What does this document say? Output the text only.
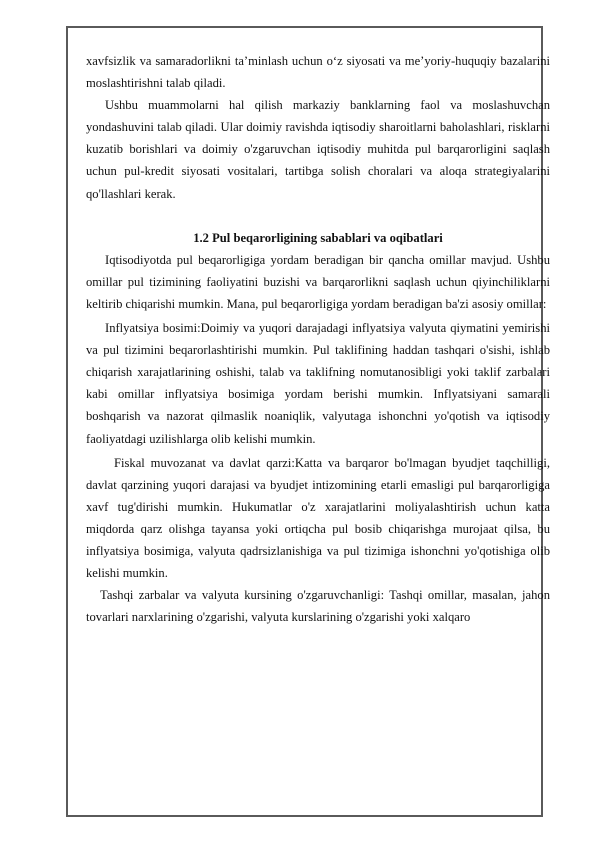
xavfsizlik va samaradorlikni ta’minlash uchun o‘z siyosati va me’yoriy-huquqiy bazalarini moslashtirishni talab qiladi.

Ushbu muammolarni hal qilish markaziy banklarning faol va moslashuvchan yondashuvini talab qiladi. Ular doimiy ravishda iqtisodiy sharoitlarni baholashlari, risklarni kuzatib borishlari va doimiy o'zgaruvchan iqtisodiy muhitda pul barqarorligini saqlash uchun pul-kredit siyosati vositalari, tartibga solish choralari va aloqa strategiyalarini qo'llashlari kerak.

1.2 Pul beqarorligining sabablari va oqibatlari

Iqtisodiyotda pul beqarorligiga yordam beradigan bir qancha omillar mavjud. Ushbu omillar pul tizimining faoliyatini buzishi va barqarorlikni saqlash uchun qiyinchiliklarni keltirib chiqarishi mumkin. Mana, pul beqarorligiga yordam beradigan ba'zi asosiy omillar:

Inflyatsiya bosimi:Doimiy va yuqori darajadagi inflyatsiya valyuta qiymatini yemirishi va pul tizimini beqarorlashtirishi mumkin. Pul taklifining haddan tashqari o'sishi, ishlab chiqarish xarajatlarining oshishi, talab va taklifning nomutanosibligi yoki taklif zarbalari kabi omillar inflyatsiya bosimiga yordam berishi mumkin. Inflyatsiyani samarali boshqarish va nazorat qilmaslik noaniqlik, valyutaga ishonchni yo'qotish va iqtisodiy faoliyatdagi uzilishlarga olib kelishi mumkin.

Fiskal muvozanat va davlat qarzi:Katta va barqaror bo'lmagan byudjet taqchilligi, davlat qarzining yuqori darajasi va byudjet intizomining etarli emasligi pul barqarorligiga xavf tug'dirishi mumkin. Hukumatlar o'z xarajatlarini moliyalashtirish uchun katta miqdorda qarz olishga tayansa yoki ortiqcha pul bosib chiqarishga murojaat qilsa, bu inflyatsiya bosimiga, valyuta qadrsizlanishiga va pul tizimiga ishonchni yo'qotishiga olib kelishi mumkin.

Tashqi zarbalar va valyuta kursining o'zgaruvchanligi: Tashqi omillar, masalan, jahon tovarlari narxlarining o'zgarishi, valyuta kurslarining o'zgarishi yoki xalqaro
